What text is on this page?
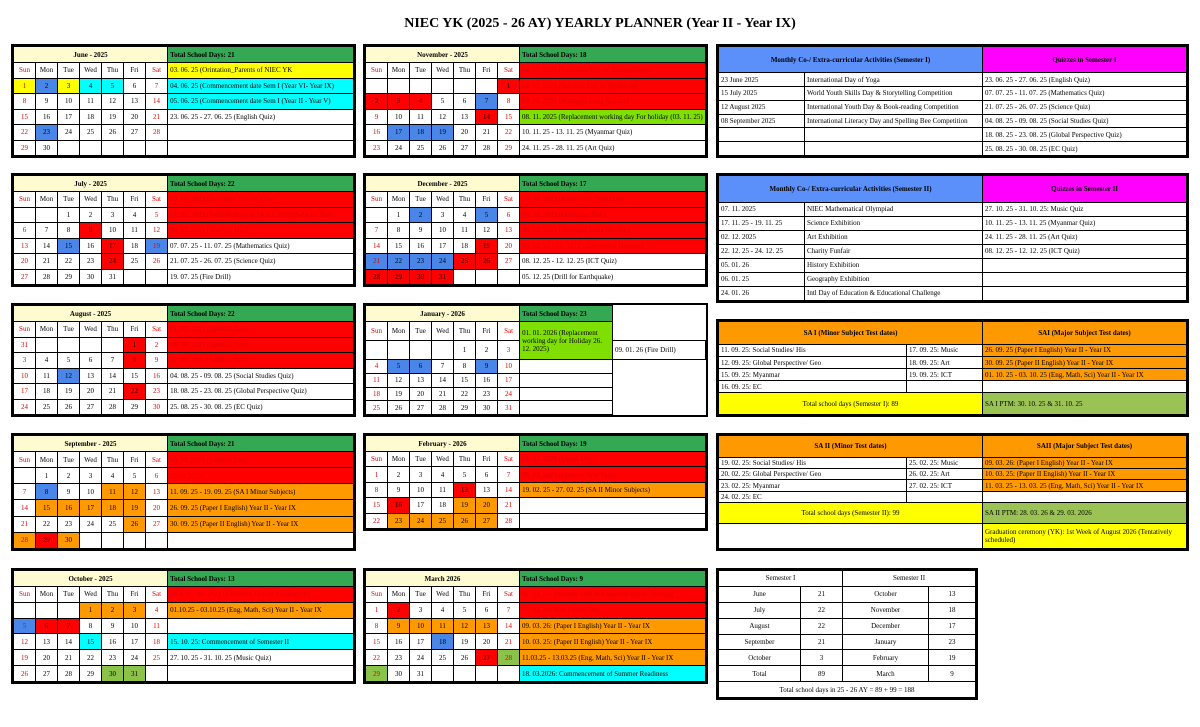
NIEC YK (2025 - 26 AY) YEARLY PLANNER (Year II - Year IX)
June - 2025							Total School Days: 21
Sun	Mon	Tue	Wed	Thu	Fri	Sat	03. 06. 25 (Orintation_Parents of NIEC YK
1	2	3	4	5	6	7	04. 06. 25 (Commencement date Sem I (Year VI- Year IX)
8	9	10	11	12	13	14	05. 06. 25 (Commencement date Sem I (Year II - Year V)
15	16	17	18	19	20	21	23. 06. 25 - 27. 06. 25 (English Quiz)
22	23	24	25	26	27	28	
29	30						
November - 2025							Total School Days: 18
Sun	Mon	Tue	Wed	Thu	Fri	Sat	04. 11. 2025 (Fullmoon Day of Tazaungmone)
						1	24. 11. 2025 (National Day of Myanmar)
2	3	4	5	6	7	8	03. 11. 2025 (Arranged Long holiday)
9	10	11	12	13	14	15	08. 11. 2025 (Replacement working day For holiday (03. 11. 25)
16	17	18	19	20	21	22	10. 11. 25 - 13. 11. 25 (Myanmar Quiz)
23	24	25	26	27	28	29	24. 11. 25 - 28. 11. 25 (Art Quiz)
July - 2025							Total School Days: 22
Sun	Mon	Tue	Wed	Thu	Fri	Sat	09. 07. 2025 (Fullmoon Day of Waso)
		1	2	3	4	5	17. 07. 2025 (Sabbath Day) & 24. 07. 2025 (Sabbath Day)
6	7	8	9	10	11	12	19. 07. 2025 (Martyrs' Day)
13	14	15	16	17	18	19	07. 07. 25 - 11. 07. 25 (Mathematics Quiz)
20	21	22	23	24	25	26	21. 07. 25 - 26. 07. 25 (Science Quiz)
27	28	29	30	31			19. 07. 25 (Fire Drill)
December - 2025							Total School Days: 17
Sun	Mon	Tue	Wed	Thu	Fri	Sat	15. 12. 2025 (Karen New Year Day)
	1	2	3	4	5	6	25. 12. 2025 (Christmas Day)
7	8	9	10	11	12	13	26. 12. 2025 (Arranged Long holiday)
14	15	16	17	18	19	20	25. 12. 25 - 31. 12. 25 (December Holiday)
21	22	23	24	25	26	27	08. 12. 25 - 12. 12. 25 (ICT Quiz)
28	29	30	31				05. 12. 25 (Drill for Earthquake)
August - 2025							Total School Days: 22
Sun	Mon	Tue	Wed	Thu	Fri	Sat	01. 08. 2025 (Sabbath Day)
31					1	2	08. 08. 2025 (Sabbath Day)
3	4	5	6	7	8	9	22. 08. 2025 (Sabbath Day)
10	11	12	13	14	15	16	04. 08. 25 - 09. 08. 25 (Social Studies Quiz)
17	18	19	20	21	22	23	18. 08. 25 - 23. 08. 25 (Global Perspective Quiz)
24	25	26	27	28	29	30	25. 08. 25 - 30. 08. 25 (EC Quiz)
January - 2026							Total School Days: 23	
Sun	Mon	Tue	Wed	Thu	Fri	Sat	01. 01. 2026 (Replacement working day for Holiday 26. 12. 2025)	
				1	2	3		09. 01. 26 (Fire Drill)
4	5	6	7	8	9	10		
11	12	13	14	15	16	17		
18	19	20	21	22	23	24		
25	26	27	28	29	30	31		
September - 2025							Total School Days: 21
Sun	Mon	Tue	Wed	Thu	Fri	Sat	05. 09. 2025 (Sabbath Day)
	1	2	3	4	5	6	29.09.2025
7	8	9	10	11	12	13	11. 09. 25 - 19. 09. 25 (SA I Minor Subjects)
14	15	16	17	18	19	20	26. 09. 25 (Paper I English) Year II - Year IX
21	22	23	24	25	26	27	30. 09. 25 (Paper II English) Year II - Year IX
28	29	30					
February - 2026							Total School Days: 19
Sun	Mon	Tue	Wed	Thu	Fri	Sat	01. 02. 2026 (Union Day)
1	2	3	4	5	6	7	06. 02. 2026 (Chinese New Year)
8	9	10	11	12	13	14	19. 02. 25 - 27. 02. 25 (SA II Minor Subjects)
15	16	17	18	19	20	21	
22	23	24	25	26	27	28	
October - 2025							Total School Days: 13
Sun	Mon	Tue	Wed	Thu	Fri	Sat	06 & 07. 10. 2025 (Fullmoon Day of Thadingyut)
			1	2	3	4	01.10.25 - 03.10.25 (Eng, Math, Sci) Year II - Year IX
5	6	7	8	9	10	11	
12	13	14	15	16	17	18	15. 10. 25: Commencement of Semester II
19	20	21	22	23	24	25	27. 10. 25 - 31. 10. 25 (Music Quiz)
26	27	28	29	30	31		
March 2026							Total School Days: 9
Sun	Mon	Tue	Wed	Thu	Fri	Sat	02. 03. 26: Peasants' Day & Fullmoon day of Tabaung
1	2	3	4	5	6	7	27. 03. 26: Arm Forces Day
8	9	10	11	12	13	14	09. 03. 26: (Paper I English) Year II - Year IX
15	16	17	18	19	20	21	10. 03. 25: (Paper II English) Year II - Year IX
22	23	24	25	26	27	28	11.03.25 - 13.03.25 (Eng, Math, Sci) Year II - Year IX
29	30	31					18. 03.2026: Commencement of Summer Readiness
Monthly Co-/ Extra-curricular Activities (Semester I)		Quizzes in Semester I
23 June 2025	International Day of Yoga	23. 06. 25 - 27. 06. 25 (English Quiz)
15 July 2025	World Youth Skills Day & Storytelling Competition	07. 07. 25 - 11. 07. 25 (Mathematics Quiz)
12 August 2025	International Youth Day & Book-reading Competition	21. 07. 25 - 26. 07. 25 (Science Quiz)
08 September 2025	International Literacy Day and Spelling Bee Competition	04. 08. 25 - 09. 08. 25 (Social Studies Quiz)
		18. 08. 25 - 23. 08. 25 (Global Perspective Quiz)
		25. 08. 25 - 30. 08. 25 (EC Quiz)
Monthly Co-/ Extra-curricular Activities (Semester II)		Quizzes in Semester II
07. 11. 2025	NIEC Mathematical Olympiad	27. 10. 25 - 31. 10. 25: Music Quiz
17. 11. 25 - 19. 11. 25	Science Exhibition	10. 11. 25 - 13. 11. 25 (Myanmar Quiz)
02. 12. 2025	Art Exhibition	24. 11. 25 - 28. 11. 25 (Art Quiz)
22. 12. 25 - 24. 12. 25	Charity Funfair	08. 12. 25 - 12. 12. 25 (ICT Quiz)
05. 01. 26	History Exhibition	
06. 01. 25	Geography Exhibition	
24. 01. 26	Intl Day of Education & Educational Challenge	
SA I (Minor Subject Test dates)		SAI (Major Subject Test dates)
11. 09. 25: Social Studies/ His	17. 09. 25: Music	26. 09. 25 (Paper I English) Year II - Year IX
12. 09. 25: Global Perspective/ Geo	18. 09. 25: Art	30. 09. 25 (Paper II English) Year II - Year IX
15. 09. 25: Myanmar	19. 09. 25: ICT	01. 10. 25 - 03. 10. 25 (Eng, Math, Sci) Year II - Year IX
16. 09. 25: EC		
Total school days (Semester I): 89		SA I PTM: 30. 10. 25 & 31. 10. 25
SA II (Minor Test dates)		SAII (Major Subject Test dates)
19. 02. 25: Social Studies/ His	25. 02. 25: Music	09. 03. 26: (Paper I English) Year II - Year IX
20. 02. 25: Global Perspective/ Geo	26. 02. 25: Art	10. 03. 25: (Paper II English) Year II - Year IX
23. 02. 25: Myanmar	27. 02. 25: ICT	11. 03. 25 - 13. 03. 25 (Eng, Math, Sci) Year II - Year IX
24. 02. 25: EC		
Total school days (Semester II): 99		SA II PTM: 28. 03. 26 & 29. 03. 2026
		Graduation ceremony (YK): 1st Week of August 2026 (Tentatively scheduled)
Semester I		Semester II	
June	21	October	13
July	22	November	18
August	22	December	17
September	21	January	23
October	3	February	19
Total	89	March	9
Total school days in 25 - 26 AY = 89 + 99 = 188			
